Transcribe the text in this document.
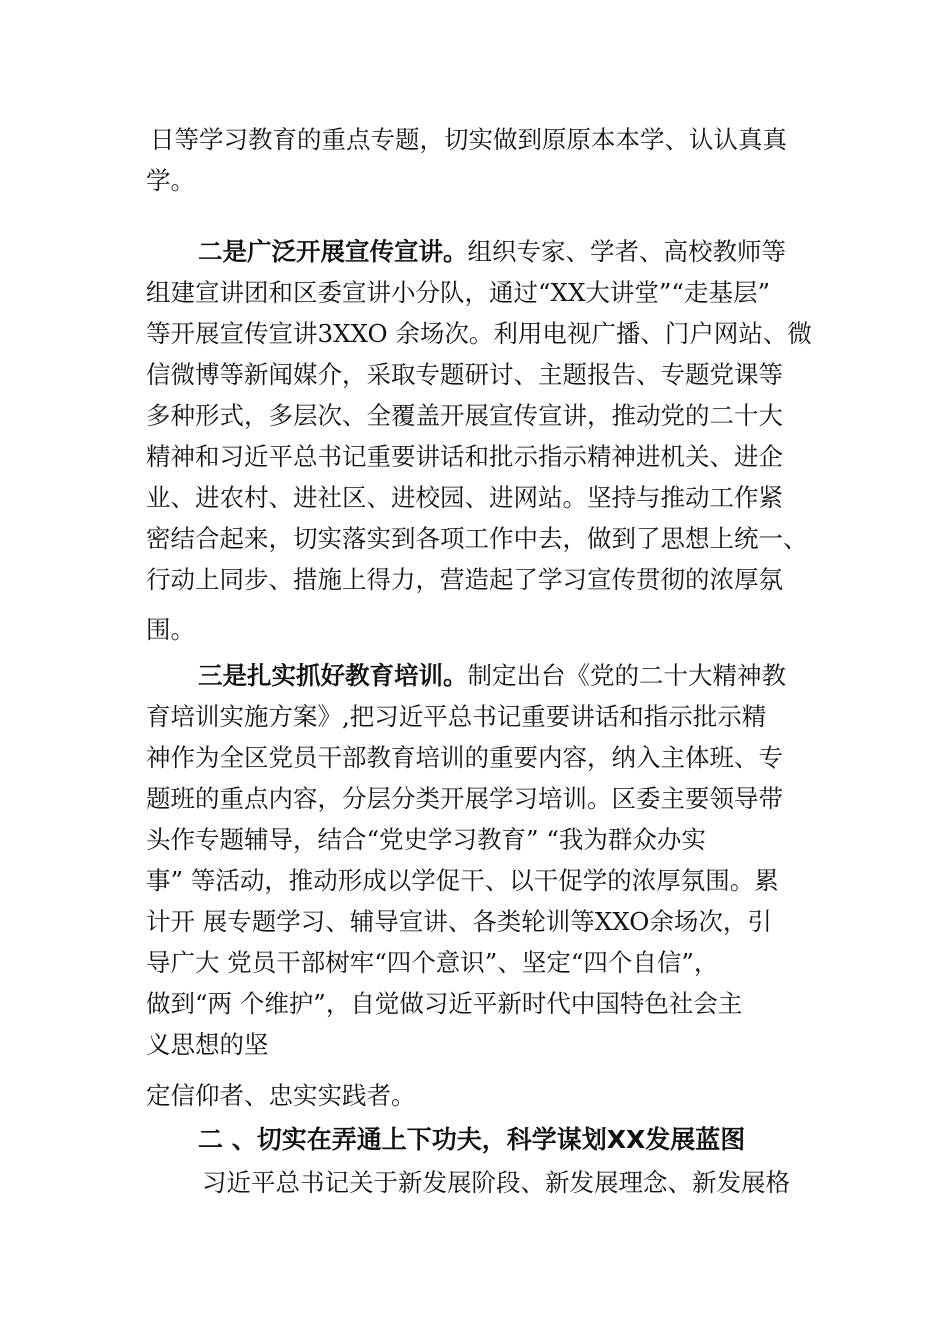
日等学习教育的重点专题，切实做到原原本本学、认认真真

学。

二是广泛开展宣传宣讲。组织专家、学者、高校教师等

组建宣讲团和区委宣讲小分队，通过“XX大讲堂”“走基层”

等开展宣传宣讲3XXO 余场次。利用电视广播、门户网站、微

信微博等新闻媒介，采取专题研讨、主题报告、专题党课等

多种形式，多层次、全覆盖开展宣传宣讲，推动党的二十大

精神和习近平总书记重要讲话和批示指示精神进机关、进企

业、进农村、进社区、进校园、进网站。坚持与推动工作紧

密结合起来，切实落实到各项工作中去，做到了思想上统一、

行动上同步、措施上得力，营造起了学习宣传贯彻的浓厚氛

围。

三是扎实抓好教育培训。制定出台《党的二十大精神教

育培训实施方案》,把习近平总书记重要讲话和指示批示精

神作为全区党员干部教育培训的重要内容，纳入主体班、专

题班的重点内容，分层分类开展学习培训。区委主要领导带

头作专题辅导，结合“党史学习教育” “我为群众办实

事” 等活动，推动形成以学促干、以干促学的浓厚氛围。累

计开 展专题学习、辅导宣讲、各类轮训等XXO余场次，引

导广大 党员干部树牢“四个意识”、坚定“四个自信”，

做到“两 个维护”，自觉做习近平新时代中国特色社会主

义思想的坚

定信仰者、忠实实践者。

二 、切实在弄通上下功夫，科学谋划XX发展蓝图

习近平总书记关于新发展阶段、新发展理念、新发展格
